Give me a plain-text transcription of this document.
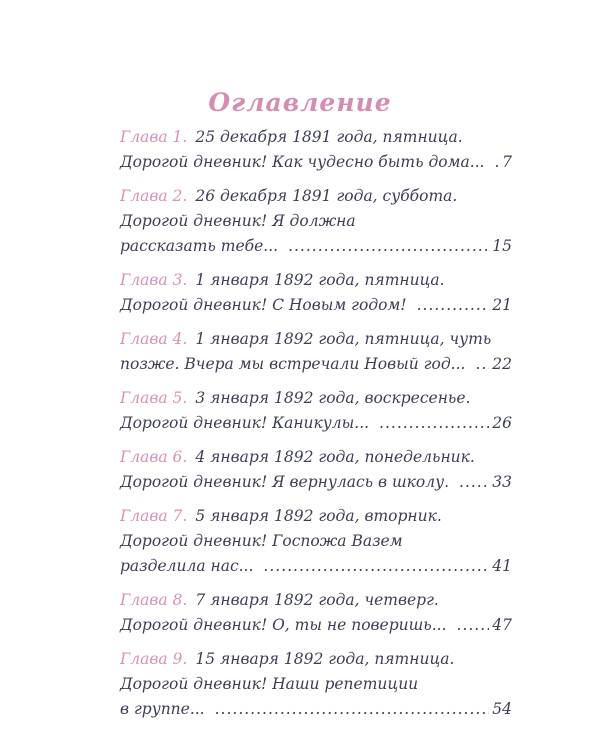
Оглавление
Глава 1. 25 декабря 1891 года, пятница.
Дорогой дневник! Как чудесно быть дома... ..... 7
Глава 2. 26 декабря 1891 года, суббота.
Дорогой дневник! Я должна
рассказать тебе... .....	15
Глава 3. 1 января 1892 года, пятница.
Дорогой дневник! С Новым годом! .....	21
Глава 4. 1 января 1892 года, пятница, чуть
позже. Вчера мы встречали Новый год... ..... 22
Глава 5. 3 января 1892 года, воскресенье.
Дорогой дневник! Каникулы... .....	26
Глава 6. 4 января 1892 года, понедельник.
Дорогой дневник! Я вернулась в школу. .....	33
Глава 7. 5 января 1892 года, вторник.
Дорогой дневник! Госпожа Вазем
разделила нас... .....	41
Глава 8. 7 января 1892 года, четверг.
Дорогой дневник! О, ты не поверишь... .....	47
Глава 9. 15 января 1892 года, пятница.
Дорогой дневник! Наши репетиции
в группе... .....	54
